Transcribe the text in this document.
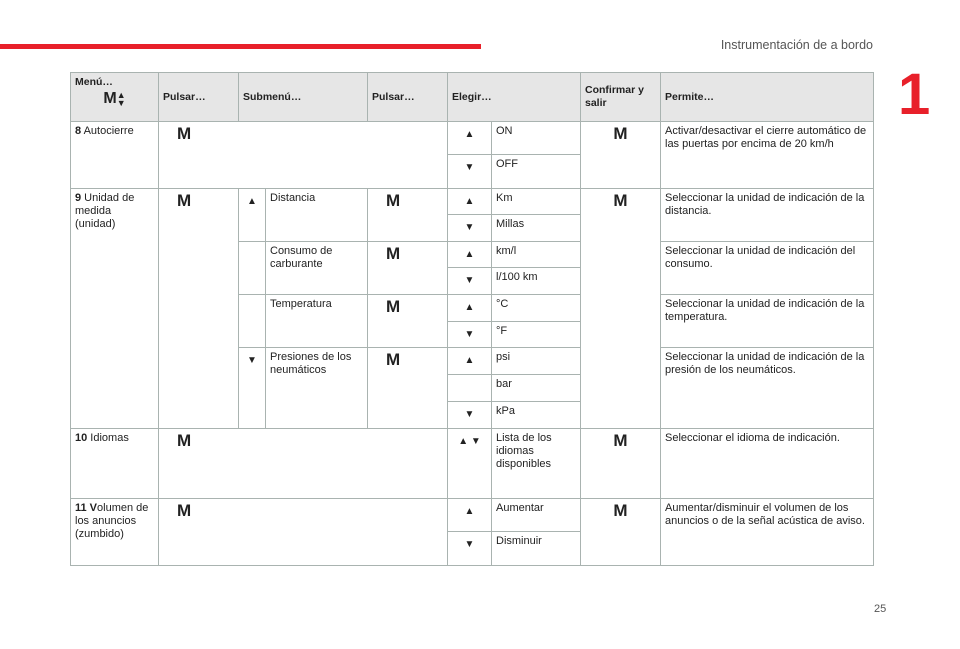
Instrumentación de a bordo
1
Menú…
M▲
▼	Pulsar…	Submenú…		Pulsar…	Elegir…		Confirmar y salir	Permite…
8 Autocierre	M				▲	ON	M	Activar/desactivar el cierre automático de las puertas por encima de 20 km/h
					▼	OFF		
9 Unidad de medida (unidad)	M	▲	Distancia	M	▲	Km	M	Seleccionar la unidad de indicación de la distancia.
					▼	Millas		
			Consumo de carburante	M	▲	km/l		Seleccionar la unidad de indicación del consumo.
					▼	l/100 km		
			Temperatura	M	▲	°C		Seleccionar la unidad de indicación de la temperatura.
					▼	°F		
		▼	Presiones de los neumáticos	M	▲	psi		Seleccionar la unidad de indicación de la presión de los neumáticos.
						bar		
					▼	kPa		
10 Idiomas	M				▲ ▼	Lista de los idiomas disponibles	M	Seleccionar el idioma de indicación.
11 Volumen de los anuncios (zumbido)	M				▲	Aumentar	M	Aumentar/disminuir el volumen de los anuncios o de la señal acústica de aviso.
					▼	Disminuir		
25
